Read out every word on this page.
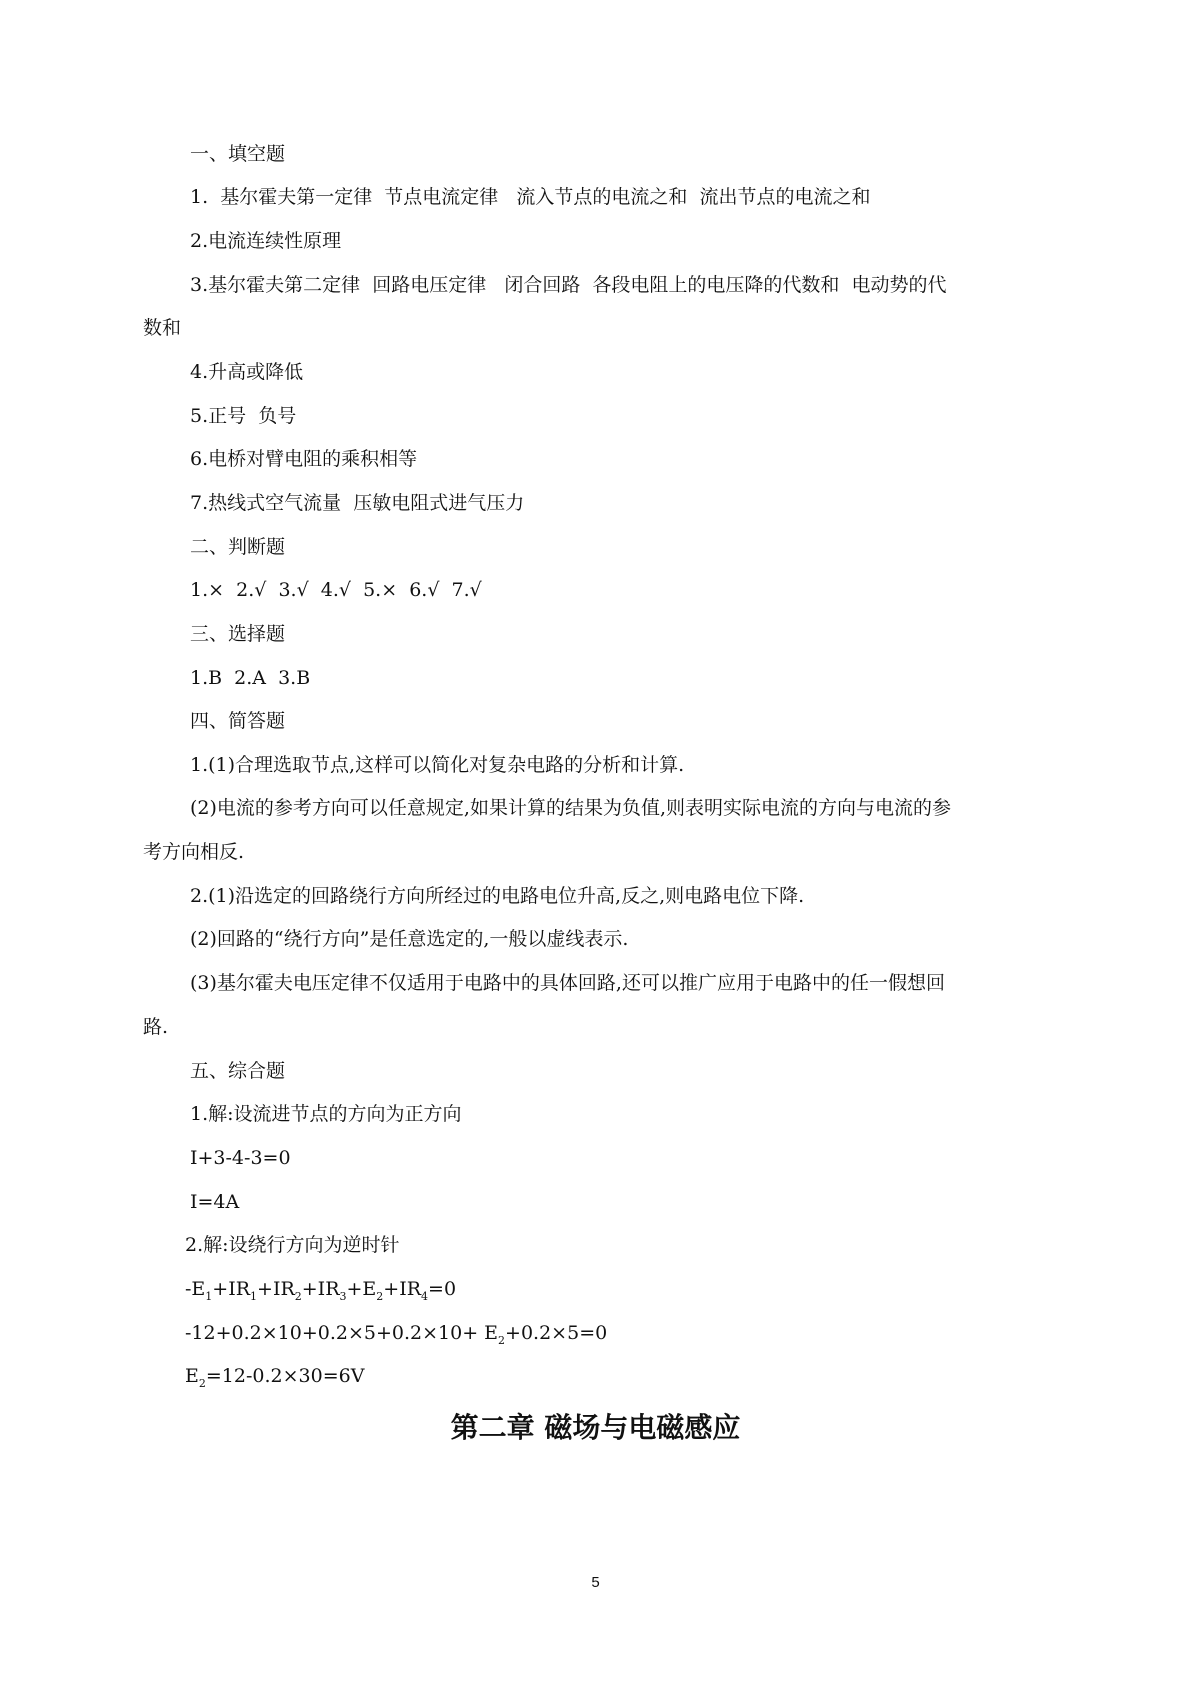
一、填空题

1.  基尔霍夫第一定律  节点电流定律   流入节点的电流之和  流出节点的电流之和

2.电流连续性原理

3.基尔霍夫第二定律  回路电压定律   闭合回路  各段电阻上的电压降的代数和  电动势的代

数和

4.升高或降低

5.正号  负号

6.电桥对臂电阻的乘积相等

7.热线式空气流量  压敏电阻式进气压力

二、判断题

1.×  2.√  3.√  4.√  5.×  6.√  7.√

三、选择题

1.B  2.A  3.B

四、简答题

1.(1)合理选取节点,这样可以简化对复杂电路的分析和计算.

(2)电流的参考方向可以任意规定,如果计算的结果为负值,则表明实际电流的方向与电流的参

考方向相反.

2.(1)沿选定的回路绕行方向所经过的电路电位升高,反之,则电路电位下降.

(2)回路的“绕行方向”是任意选定的,一般以虚线表示.

(3)基尔霍夫电压定律不仅适用于电路中的具体回路,还可以推广应用于电路中的任一假想回

路.

五、综合题

1.解:设流进节点的方向为正方向

I+3-4-3=0

I=4A

2.解:设绕行方向为逆时针

$-E_1+IR_1+IR_2+IR_3+E_2+IR_4=0$

$-12+0.2\times 10+0.2\times 5+0.2\times 10+ E_2+0.2\times 5=0$

$E_2=12-0.2\times 30=6V$

第二章 磁场与电磁感应
5
